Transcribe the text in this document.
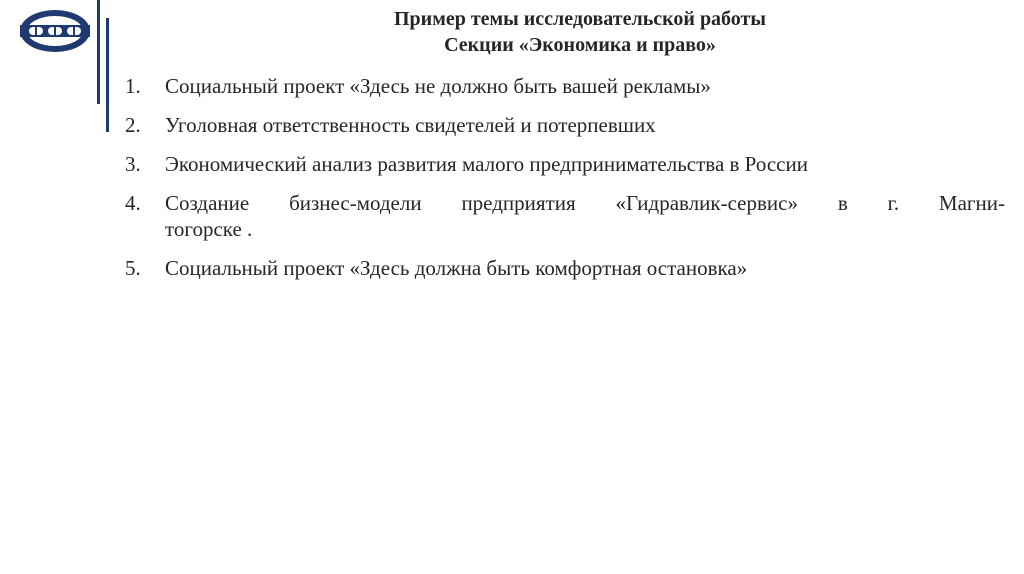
Пример темы исследовательской работы
Секции «Экономика и право»
1.	Социальный проект «Здесь не должно быть вашей рекламы»
2.	Уголовная ответственность свидетелей и потерпевших
3.	Экономический анализ развития малого предпринимательства в России
4.	Создание бизнес-модели предприятия «Гидравлик-сервис» в г. Магни-
тогорске .
5.	Социальный проект «Здесь должна быть комфортная остановка»
